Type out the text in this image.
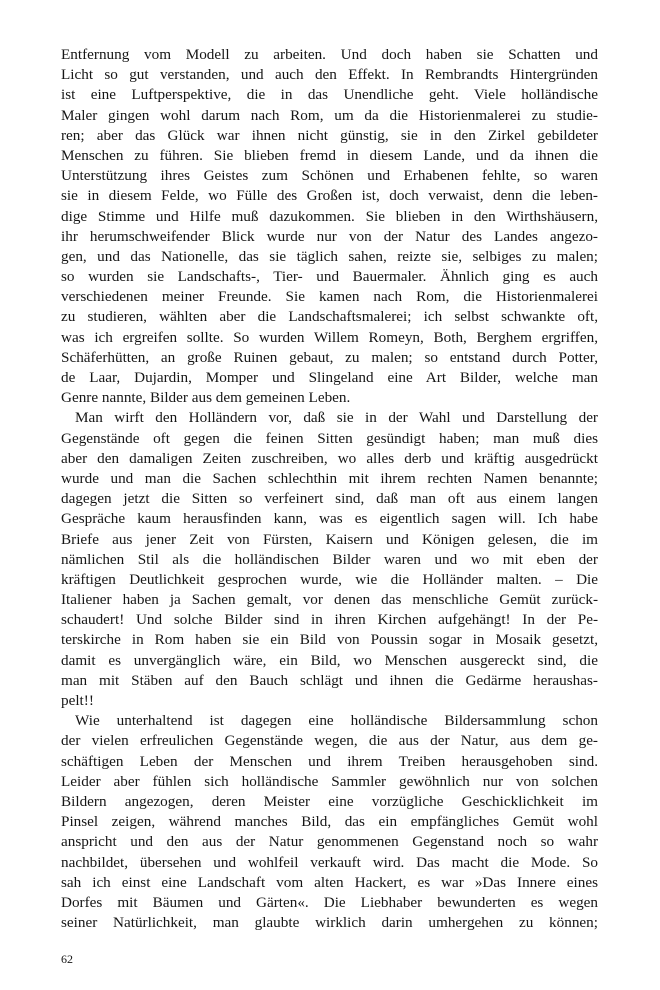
Entfernung vom Modell zu arbeiten. Und doch haben sie Schatten und
Licht so gut verstanden, und auch den Effekt. In Rembrandts Hintergründen
ist eine Luftperspektive, die in das Unendliche geht. Viele holländische
Maler gingen wohl darum nach Rom, um da die Historienmalerei zu studie-
ren; aber das Glück war ihnen nicht günstig, sie in den Zirkel gebildeter
Menschen zu führen. Sie blieben fremd in diesem Lande, und da ihnen die
Unterstützung ihres Geistes zum Schönen und Erhabenen fehlte, so waren
sie in diesem Felde, wo Fülle des Großen ist, doch verwaist, denn die leben-
dige Stimme und Hilfe muß dazukommen. Sie blieben in den Wirthshäusern,
ihr herumschweifender Blick wurde nur von der Natur des Landes angezo-
gen, und das Nationelle, das sie täglich sahen, reizte sie, selbiges zu malen;
so wurden sie Landschafts-, Tier- und Bauermaler. Ähnlich ging es auch
verschiedenen meiner Freunde. Sie kamen nach Rom, die Historienmalerei
zu studieren, wählten aber die Landschaftsmalerei; ich selbst schwankte oft,
was ich ergreifen sollte. So wurden Willem Romeyn, Both, Berghem ergriffen,
Schäferhütten, an große Ruinen gebaut, zu malen; so entstand durch Potter,
de Laar, Dujardin, Momper und Slingeland eine Art Bilder, welche man
Genre nannte, Bilder aus dem gemeinen Leben.
Man wirft den Holländern vor, daß sie in der Wahl und Darstellung der
Gegenstände oft gegen die feinen Sitten gesündigt haben; man muß dies
aber den damaligen Zeiten zuschreiben, wo alles derb und kräftig ausgedrückt
wurde und man die Sachen schlechthin mit ihrem rechten Namen benannte;
dagegen jetzt die Sitten so verfeinert sind, daß man oft aus einem langen
Gespräche kaum herausfinden kann, was es eigentlich sagen will. Ich habe
Briefe aus jener Zeit von Fürsten, Kaisern und Königen gelesen, die im
nämlichen Stil als die holländischen Bilder waren und wo mit eben der
kräftigen Deutlichkeit gesprochen wurde, wie die Holländer malten. – Die
Italiener haben ja Sachen gemalt, vor denen das menschliche Gemüt zurück-
schaudert! Und solche Bilder sind in ihren Kirchen aufgehängt! In der Pe-
terskirche in Rom haben sie ein Bild von Poussin sogar in Mosaik gesetzt,
damit es unvergänglich wäre, ein Bild, wo Menschen ausgereckt sind, die
man mit Stäben auf den Bauch schlägt und ihnen die Gedärme heraushas-
pelt!!
Wie unterhaltend ist dagegen eine holländische Bildersammlung schon
der vielen erfreulichen Gegenstände wegen, die aus der Natur, aus dem ge-
schäftigen Leben der Menschen und ihrem Treiben herausgehoben sind.
Leider aber fühlen sich holländische Sammler gewöhnlich nur von solchen
Bildern angezogen, deren Meister eine vorzügliche Geschicklichkeit im
Pinsel zeigen, während manches Bild, das ein empfängliches Gemüt wohl
anspricht und den aus der Natur genommenen Gegenstand noch so wahr
nachbildet, übersehen und wohlfeil verkauft wird. Das macht die Mode. So
sah ich einst eine Landschaft vom alten Hackert, es war »Das Innere eines
Dorfes mit Bäumen und Gärten«. Die Liebhaber bewunderten es wegen
seiner Natürlichkeit, man glaubte wirklich darin umhergehen zu können;
62
